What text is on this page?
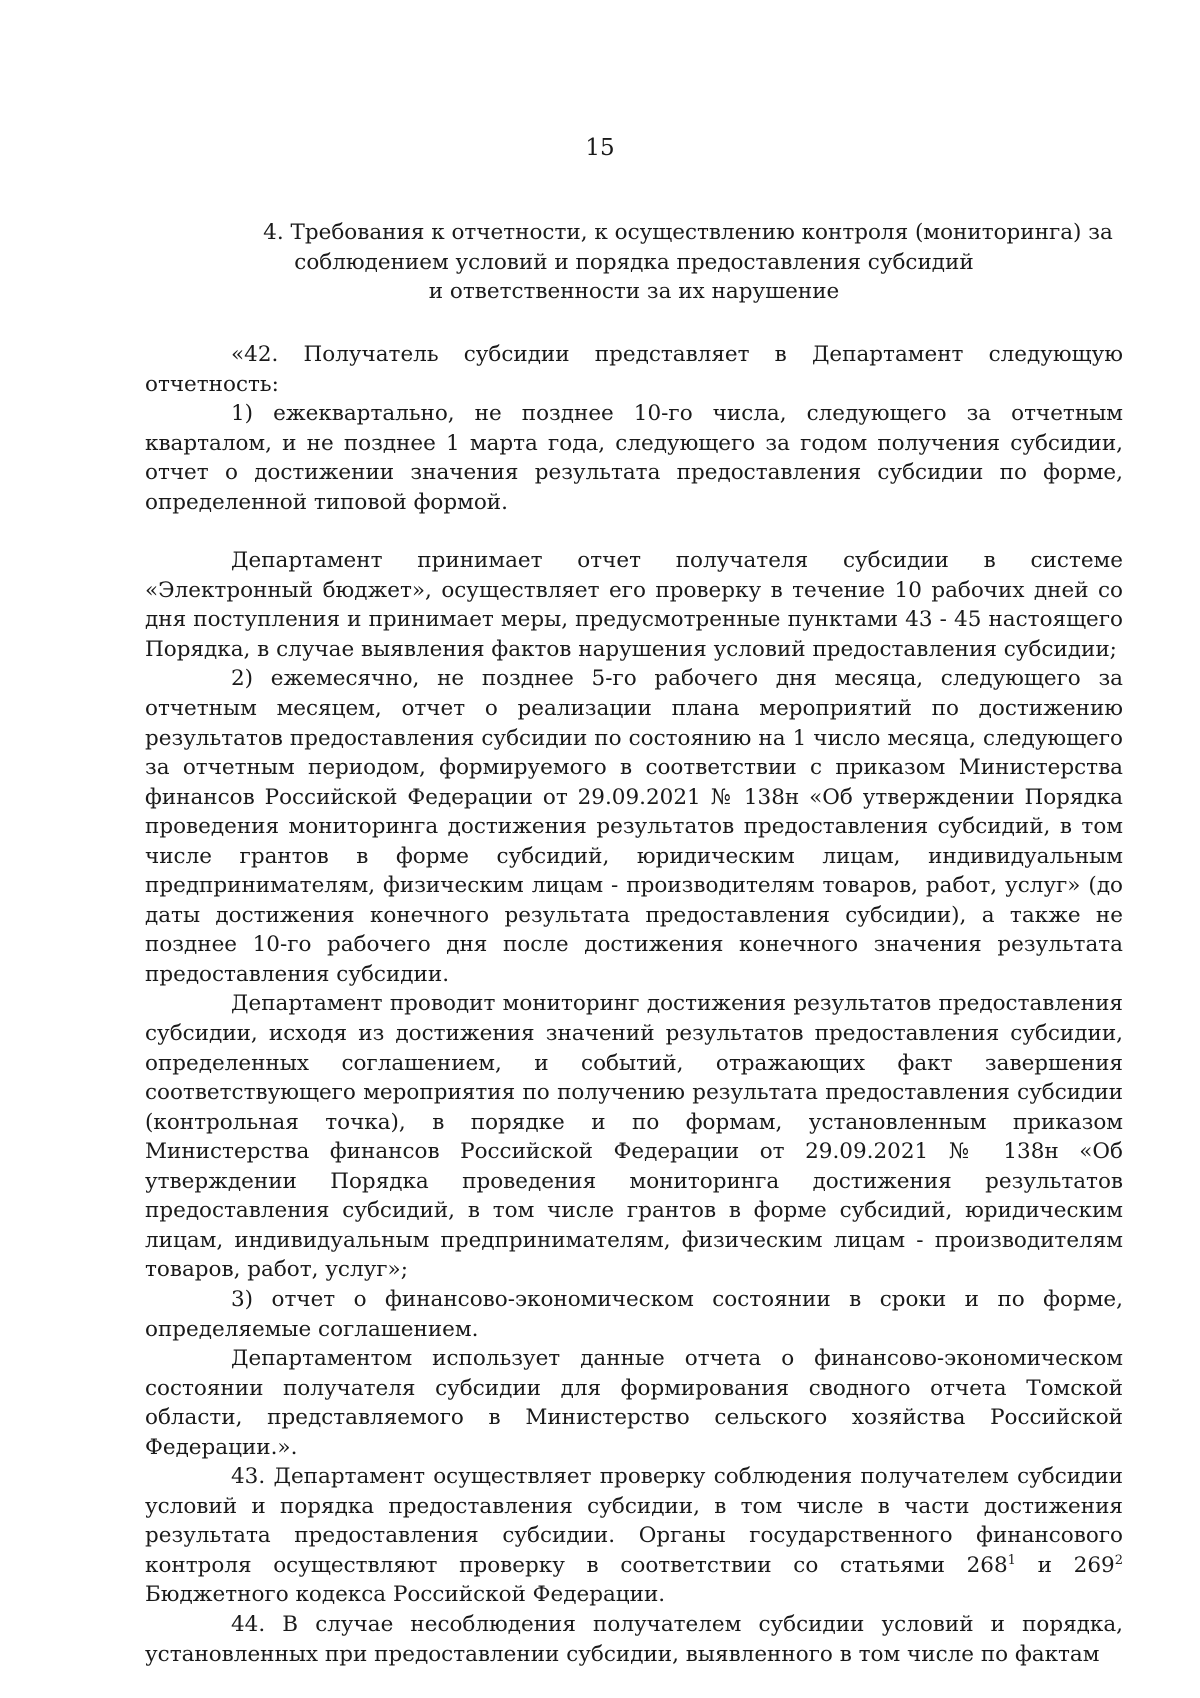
15
4. Требования к отчетности, к осуществлению контроля (мониторинга) за
соблюдением условий и порядка предоставления субсидий
и ответственности за их нарушение

«42. Получатель субсидии представляет в Департамент следующую отчетность:

1) ежеквартально, не позднее 10-го числа, следующего за отчетным кварталом, и не позднее 1 марта года, следующего за годом получения субсидии, отчет о достижении значения результата предоставления субсидии по форме, определенной типовой формой.

Департамент принимает отчет получателя субсидии в системе «Электронный бюджет», осуществляет его проверку в течение 10 рабочих дней со дня поступления и принимает меры, предусмотренные пунктами 43 - 45 настоящего Порядка, в случае выявления фактов нарушения условий предоставления субсидии;

2) ежемесячно, не позднее 5-го рабочего дня месяца, следующего за отчетным месяцем, отчет о реализации плана мероприятий по достижению результатов предоставления субсидии по состоянию на 1 число месяца, следующего за отчетным периодом, формируемого в соответствии с приказом Министерства финансов Российской Федерации от 29.09.2021 № 138н «Об утверждении Порядка проведения мониторинга достижения результатов предоставления субсидий, в том числе грантов в форме субсидий, юридическим лицам, индивидуальным предпринимателям, физическим лицам - производителям товаров, работ, услуг» (до даты достижения конечного результата предоставления субсидии), а также не позднее 10-го рабочего дня после достижения конечного значения результата предоставления субсидии.

Департамент проводит мониторинг достижения результатов предоставления субсидии, исходя из достижения значений результатов предоставления субсидии, определенных соглашением, и событий, отражающих факт завершения соответствующего мероприятия по получению результата предоставления субсидии (контрольная точка), в порядке и по формам, установленным приказом Министерства финансов Российской Федерации от 29.09.2021 № 138н «Об утверждении Порядка проведения мониторинга достижения результатов предоставления субсидий, в том числе грантов в форме субсидий, юридическим лицам, индивидуальным предпринимателям, физическим лицам - производителям товаров, работ, услуг»;

3) отчет о финансово-экономическом состоянии в сроки и по форме, определяемые соглашением.

Департаментом использует данные отчета о финансово-экономическом состоянии получателя субсидии для формирования сводного отчета Томской области, представляемого в Министерство сельского хозяйства Российской Федерации.».

43. Департамент осуществляет проверку соблюдения получателем субсидии условий и порядка предоставления субсидии, в том числе в части достижения результата предоставления субсидии. Органы государственного финансового контроля осуществляют проверку в соответствии со статьями $268^1$ и $269^2$ Бюджетного кодекса Российской Федерации.

44. В случае несоблюдения получателем субсидии условий и порядка, установленных при предоставлении субсидии, выявленного в том числе по фактам
